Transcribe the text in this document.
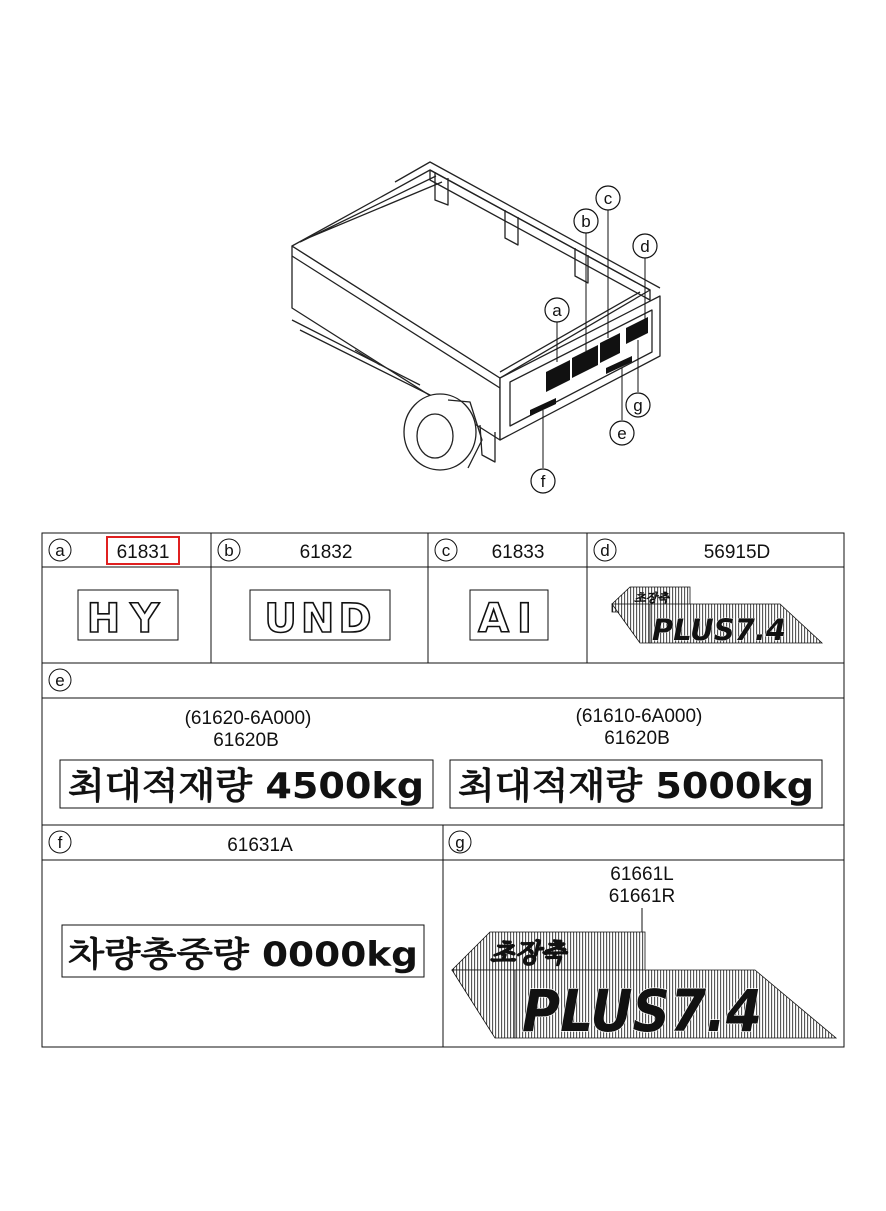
a
b
c
d
e
f
g
a	61831
HY
b	61832
UND
c 61833
AI
d	56915D
초장축
PLUS7.4
e
(61620-6A000)
61620B
최대적재량 4500kg
(61610-6A000)
61620B
최대적재량 5000kg
f	61631A
차량총중량 0000kg
g
61661L
61661R
초장축
PLUS7.4
